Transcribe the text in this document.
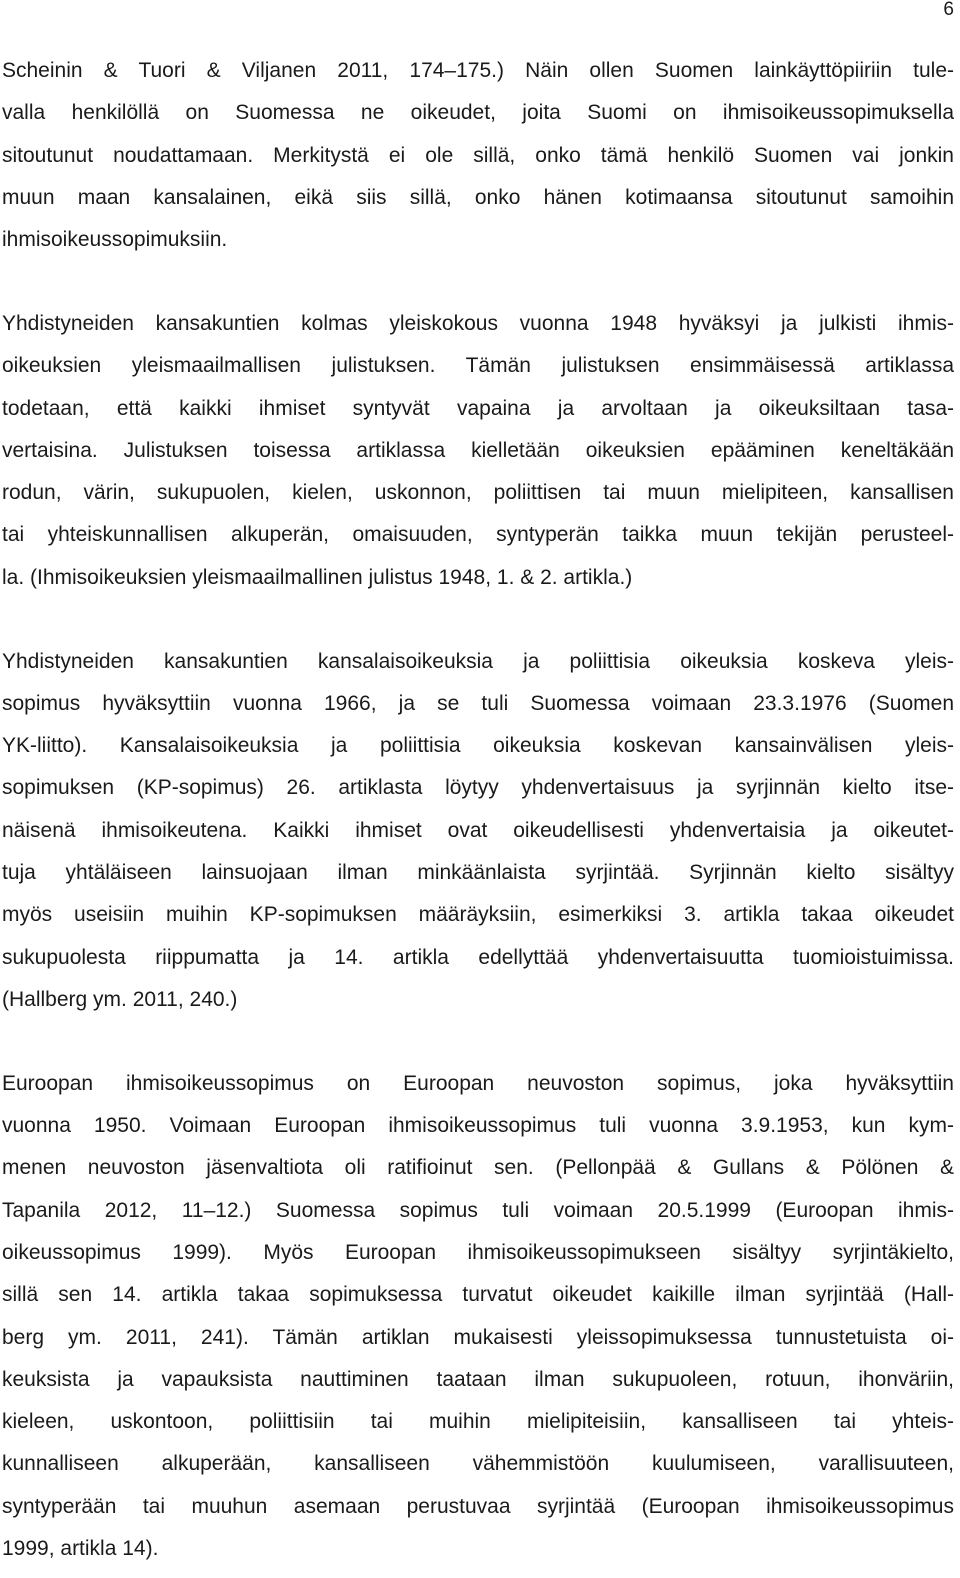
6
Scheinin & Tuori & Viljanen 2011, 174–175.) Näin ollen Suomen lainkäyttöpiiriin tule-
valla henkilöllä on Suomessa ne oikeudet, joita Suomi on ihmisoikeussopimuksella
sitoutunut noudattamaan. Merkitystä ei ole sillä, onko tämä henkilö Suomen vai jonkin
muun maan kansalainen, eikä siis sillä, onko hänen kotimaansa sitoutunut samoihin
ihmisoikeussopimuksiin.
Yhdistyneiden kansakuntien kolmas yleiskokous vuonna 1948 hyväksyi ja julkisti ihmis-
oikeuksien yleismaailmallisen julistuksen. Tämän julistuksen ensimmäisessä artiklassa
todetaan, että kaikki ihmiset syntyvät vapaina ja arvoltaan ja oikeuksiltaan tasa-
vertaisina. Julistuksen toisessa artiklassa kielletään oikeuksien epääminen keneltäkään
rodun, värin, sukupuolen, kielen, uskonnon, poliittisen tai muun mielipiteen, kansallisen
tai yhteiskunnallisen alkuperän, omaisuuden, syntyperän taikka muun tekijän perusteel-
la. (Ihmisoikeuksien yleismaailmallinen julistus 1948, 1. & 2. artikla.)
Yhdistyneiden kansakuntien kansalaisoikeuksia ja poliittisia oikeuksia koskeva yleis-
sopimus hyväksyttiin vuonna 1966, ja se tuli Suomessa voimaan 23.3.1976 (Suomen
YK-liitto). Kansalaisoikeuksia ja poliittisia oikeuksia koskevan kansainvälisen yleis-
sopimuksen (KP-sopimus) 26. artiklasta löytyy yhdenvertaisuus ja syrjinnän kielto itse-
näisenä ihmisoikeutena. Kaikki ihmiset ovat oikeudellisesti yhdenvertaisia ja oikeutet-
tuja yhtäläiseen lainsuojaan ilman minkäänlaista syrjintää. Syrjinnän kielto sisältyy
myös useisiin muihin KP-sopimuksen määräyksiin, esimerkiksi 3. artikla takaa oikeudet
sukupuolesta riippumatta ja 14. artikla edellyttää yhdenvertaisuutta tuomioistuimissa.
(Hallberg ym. 2011, 240.)
Euroopan ihmisoikeussopimus on Euroopan neuvoston sopimus, joka hyväksyttiin
vuonna 1950. Voimaan Euroopan ihmisoikeussopimus tuli vuonna 3.9.1953, kun kym-
menen neuvoston jäsenvaltiota oli ratifioinut sen. (Pellonpää & Gullans & Pölönen &
Tapanila 2012, 11–12.) Suomessa sopimus tuli voimaan 20.5.1999 (Euroopan ihmis-
oikeussopimus 1999). Myös Euroopan ihmisoikeussopimukseen sisältyy syrjintäkielto,
sillä sen 14. artikla takaa sopimuksessa turvatut oikeudet kaikille ilman syrjintää (Hall-
berg ym. 2011, 241). Tämän artiklan mukaisesti yleissopimuksessa tunnustetuista oi-
keuksista ja vapauksista nauttiminen taataan ilman sukupuoleen, rotuun, ihonväriin,
kieleen, uskontoon, poliittisiin tai muihin mielipiteisiin, kansalliseen tai yhteis-
kunnalliseen alkuperään, kansalliseen vähemmistöön kuulumiseen, varallisuuteen,
syntyperään tai muuhun asemaan perustuvaa syrjintää (Euroopan ihmisoikeussopimus
1999, artikla 14).
